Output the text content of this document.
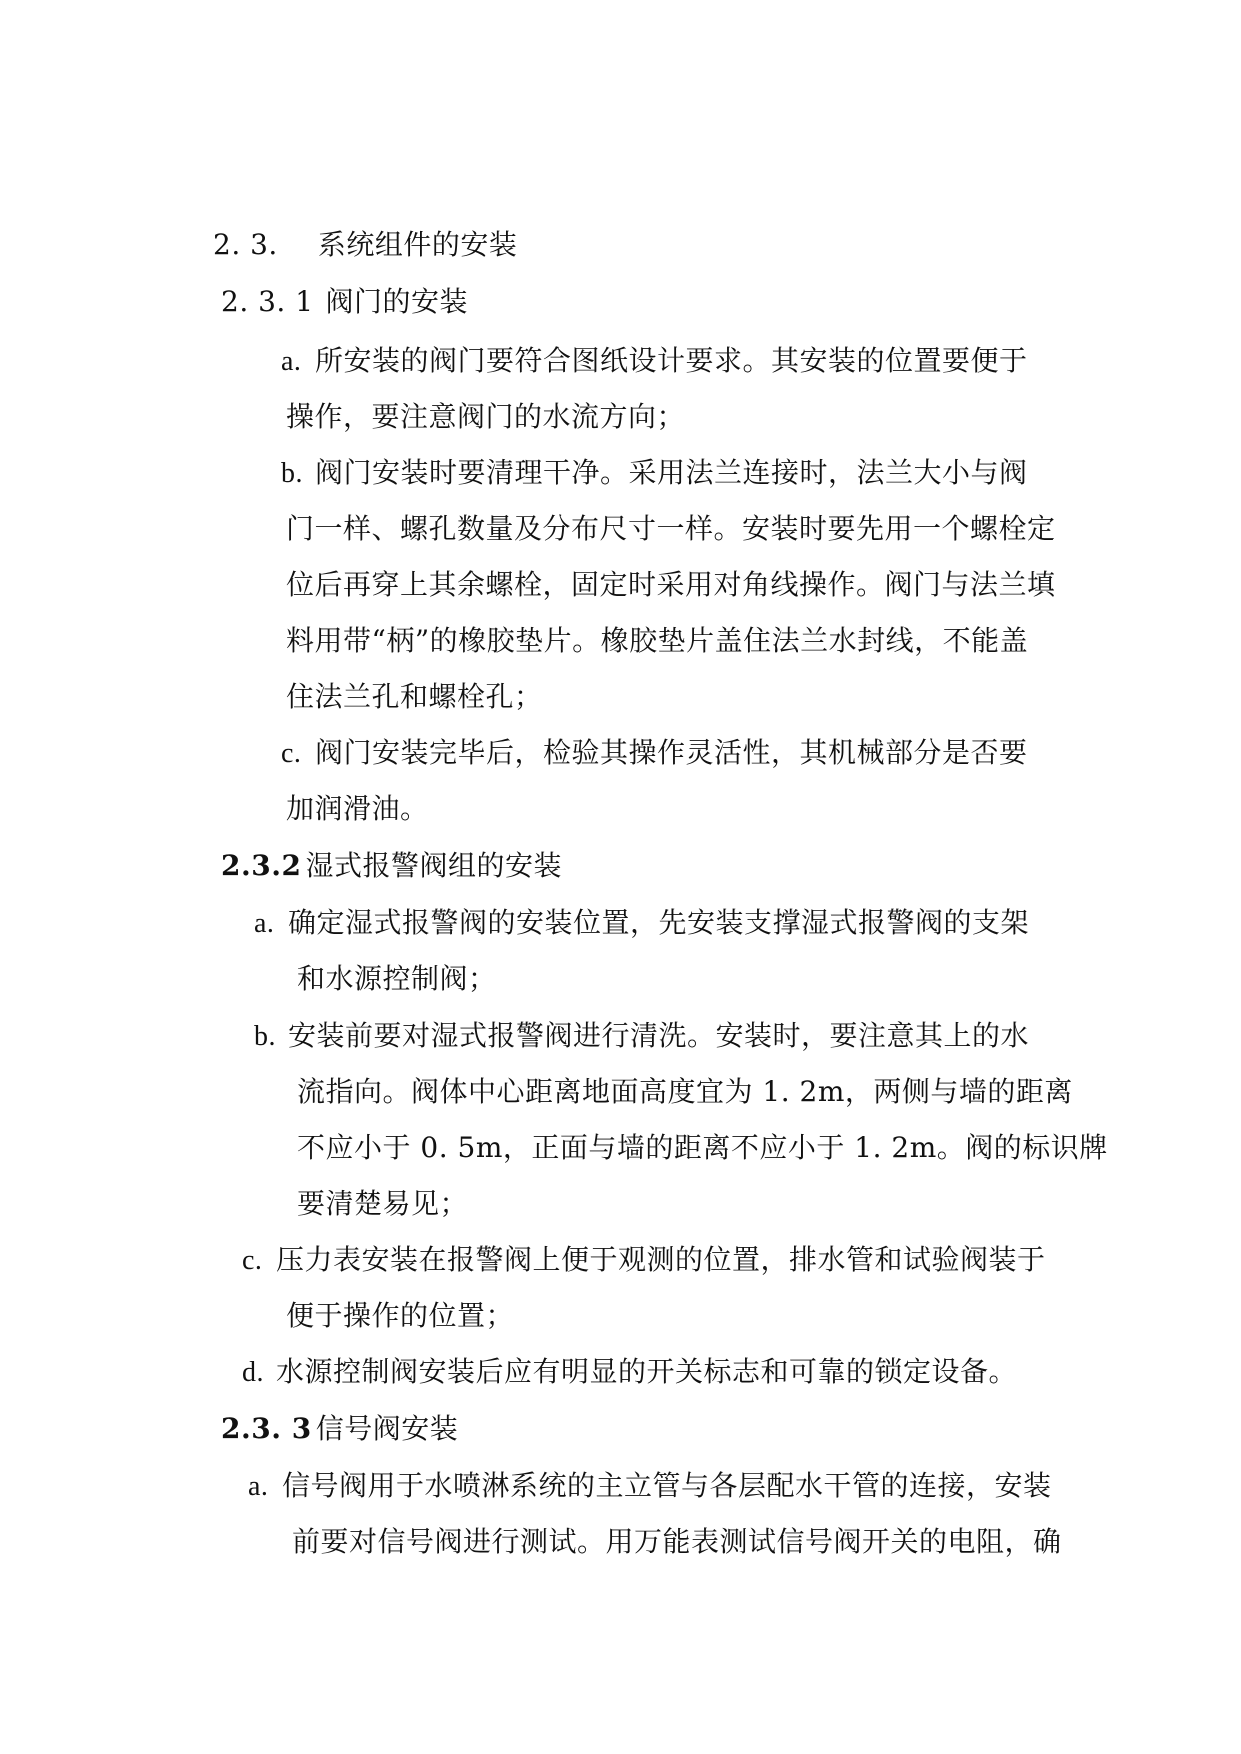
2. 3. 系统组件的安装
2. 3. 1 阀门的安装
a. 所安装的阀门要符合图纸设计要求。其安装的位置要便于
操作，要注意阀门的水流方向；
b. 阀门安装时要清理干净。采用法兰连接时，法兰大小与阀
门一样、螺孔数量及分布尺寸一样。安装时要先用一个螺栓定
位后再穿上其余螺栓，固定时采用对角线操作。阀门与法兰填
料用带“柄”的橡胶垫片。橡胶垫片盖住法兰水封线，不能盖
住法兰孔和螺栓孔；
c. 阀门安装完毕后，检验其操作灵活性，其机械部分是否要
加润滑油。
2.3.2 湿式报警阀组的安装
a. 确定湿式报警阀的安装位置，先安装支撑湿式报警阀的支架
和水源控制阀；
b. 安装前要对湿式报警阀进行清洗。安装时，要注意其上的水
流指向。阀体中心距离地面高度宜为 1. 2m，两侧与墙的距离
不应小于 0. 5m，正面与墙的距离不应小于 1. 2m。阀的标识牌
要清楚易见；
c. 压力表安装在报警阀上便于观测的位置，排水管和试验阀装于
便于操作的位置；
d. 水源控制阀安装后应有明显的开关标志和可靠的锁定设备。
2.3. 3 信号阀安装
a. 信号阀用于水喷淋系统的主立管与各层配水干管的连接，安装
前要对信号阀进行测试。用万能表测试信号阀开关的电阻，确
